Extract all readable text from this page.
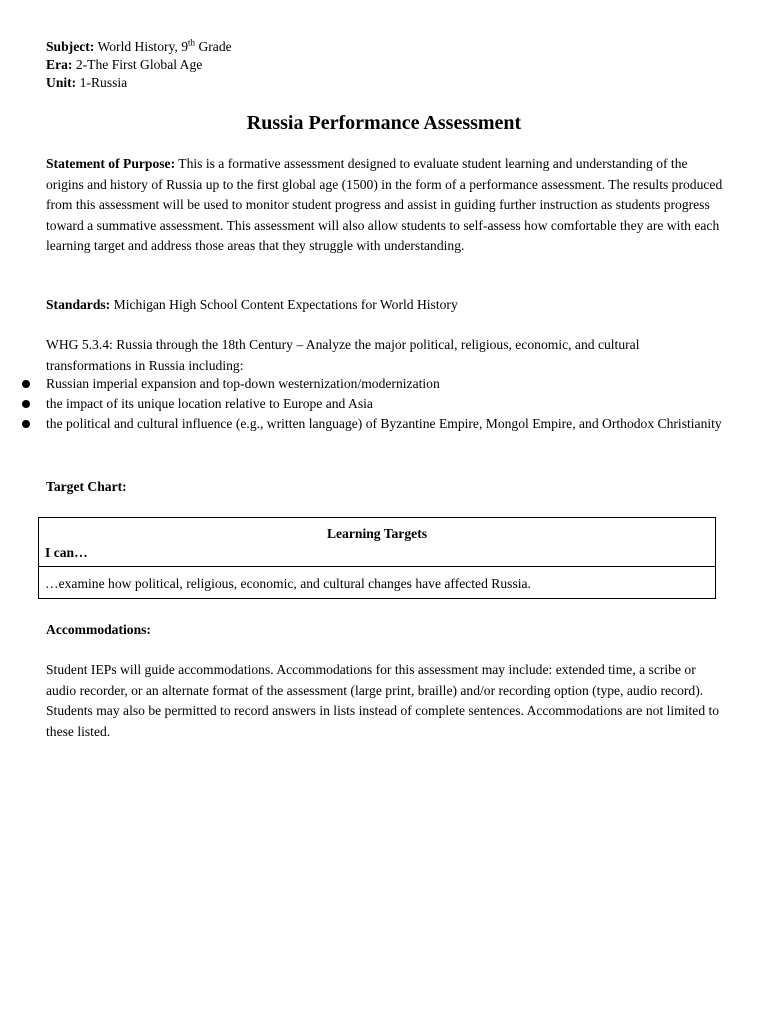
Subject: World History, 9th Grade
Era: 2-The First Global Age
Unit: 1-Russia
Russia Performance Assessment
Statement of Purpose: This is a formative assessment designed to evaluate student learning and understanding of the origins and history of Russia up to the first global age (1500) in the form of a performance assessment. The results produced from this assessment will be used to monitor student progress and assist in guiding further instruction as students progress toward a summative assessment. This assessment will also allow students to self-assess how comfortable they are with each learning target and address those areas that they struggle with understanding.
Standards: Michigan High School Content Expectations for World History
WHG 5.3.4: Russia through the 18th Century – Analyze the major political, religious, economic, and cultural transformations in Russia including:
Russian imperial expansion and top-down westernization/modernization
the impact of its unique location relative to Europe and Asia
the political and cultural influence (e.g., written language) of Byzantine Empire, Mongol Empire, and Orthodox Christianity
Target Chart:
Learning Targets
I can…
…examine how political, religious, economic, and cultural changes have affected Russia.
Accommodations:
Student IEPs will guide accommodations. Accommodations for this assessment may include: extended time, a scribe or audio recorder, or an alternate format of the assessment (large print, braille) and/or recording option (type, audio record). Students may also be permitted to record answers in lists instead of complete sentences. Accommodations are not limited to these listed.
